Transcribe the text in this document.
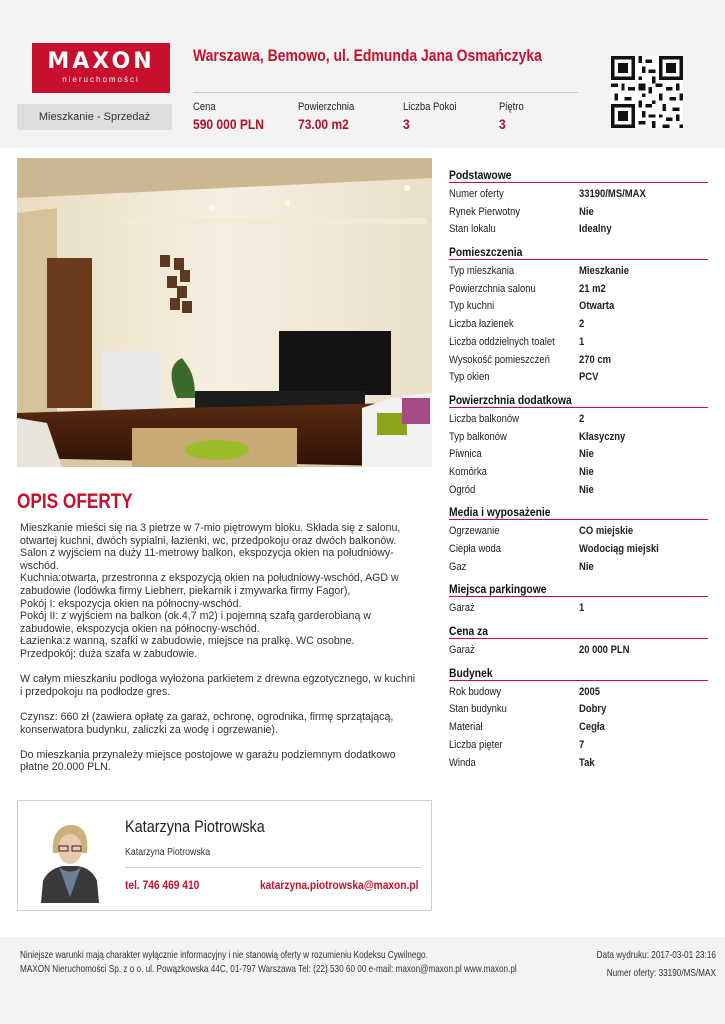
MAXON
nieruchomości
Mieszkanie - Sprzedaż
Warszawa, Bemowo, ul. Edmunda Jana Osmańczyka
Cena
590 000 PLN
Powierzchnia
73.00 m2
Liczba Pokoi
3
Piętro
3
OPIS OFERTY

Mieszkanie mieści się na 3 pietrze w 7-mio piętrowym bloku. Składa się z salonu, otwartej kuchni, dwóch sypialni, łazienki, wc, przedpokoju oraz dwóch balkonów.
Salon z wyjściem na duży 11-metrowy balkon, ekspozycja okien na południowy-wschód.
Kuchnia:otwarta, przestronna z ekspozycją okien na południowy-wschód, AGD w zabudowie (lodówka firmy Liebherr, piekarnik i zmywarka firmy Fagor),
Pokój I: ekspozycja okien na północny-wschód.
Pokój II: z wyjściem na balkon (ok.4,7 m2) i pojemną szafą garderobianą w zabudowie, ekspozycja okien na północny-wschód.
Łazienka:z wanną, szafki w zabudowie, miejsce na pralkę. WC osobne.
Przedpokój: duża szafa w zabudowie.

W całym mieszkaniu podłoga wyłożona parkietem z drewna egzotycznego, w kuchni i przedpokoju na podłodze gres.

Czynsz: 660 zł (zawiera opłatę za garaż, ochronę, ogrodnika, firmę sprzątającą, konserwatora budynku, zaliczki za wodę i ogrzewanie).

Do mieszkania przynależy miejsce postojowe w garażu podziemnym dodatkowo płatne 20.000 PLN.

Katarzyna Piotrowska
Katarzyna Piotrowska
tel. 746 469 410	katarzyna.piotrowska@maxon.pl
Podstawowe
Numer oferty	33190/MS/MAX
Rynek Pierwotny	Nie
Stan lokalu	Idealny
Pomieszczenia
Typ mieszkania	Mieszkanie
Powierzchnia salonu	21 m2
Typ kuchni	Otwarta
Liczba łazienek	2
Liczba oddzielnych toalet 1
Wysokość pomieszczeń	270 cm
Typ okien	PCV
Powierzchnia dodatkowa
Liczba balkonów	2
Typ balkonów	Klasyczny
Piwnica	Nie
Komórka	Nie
Ogród	Nie
Media i wyposażenie
Ogrzewanie	CO miejskie
Ciepła woda	Wodociąg miejski
Gaz	Nie
Miejsca parkingowe
Garaż	1
Cena za
Garaż	20 000 PLN
Budynek
Rok budowy	2005
Stan budynku	Dobry
Materiał	Cegła
Liczba pięter	7
Winda	Tak
Niniejsze warunki mają charakter wyłącznie informacyjny i nie stanowią oferty w rozumieniu Kodeksu Cywilnego.
MAXON Nieruchomości Sp. z o o. ul. Powązkowska 44C, 01-797 Warszawa Tel: (22) 530 60 00 e-mail: maxon@maxon.pl www.maxon.pl
Data wydruku: 2017-03-01 23:16
Numer oferty: 33190/MS/MAX
